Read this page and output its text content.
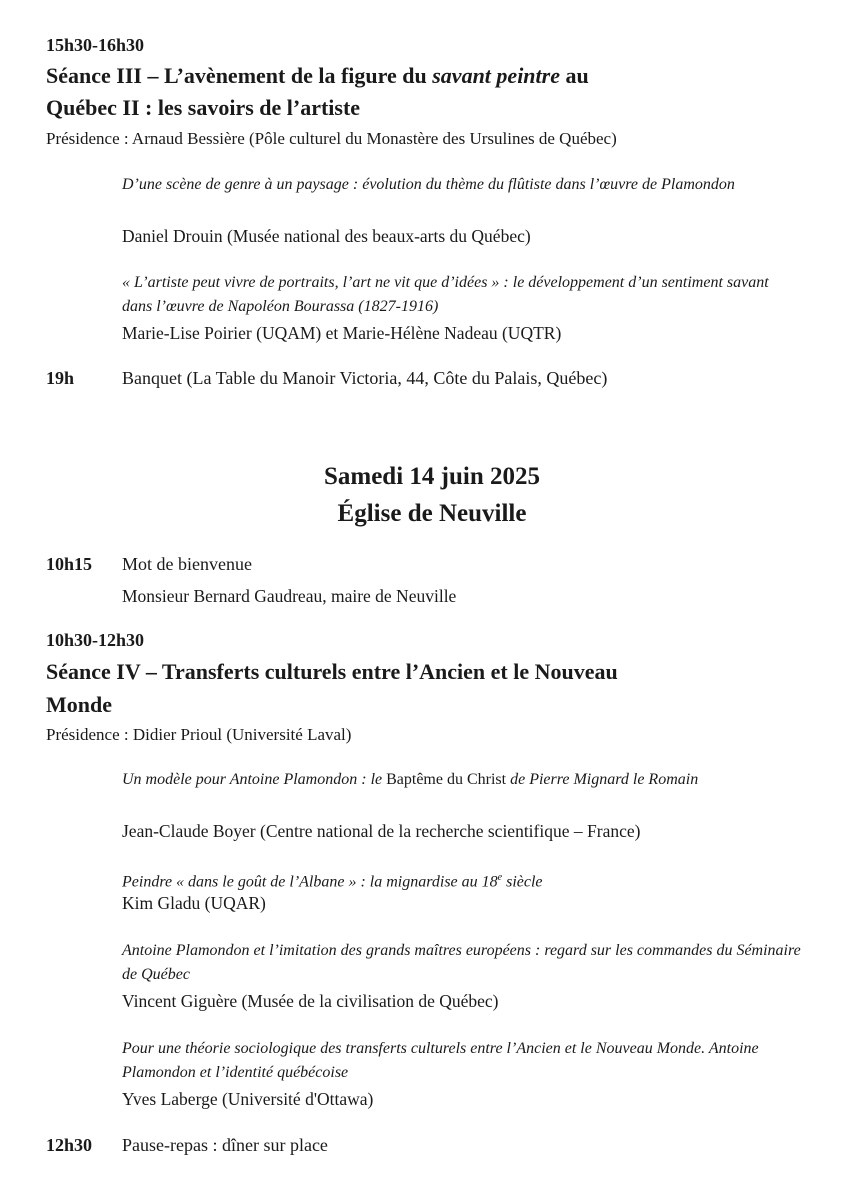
15h30-16h30
Séance III – L’avènement de la figure du savant peintre au
Québec II : les savoirs de l’artiste
Présidence : Arnaud Bessière (Pôle culturel du Monastère des Ursulines de Québec)
D’une scène de genre à un paysage : évolution du thème du flûtiste dans l’œuvre de Plamondon
Daniel Drouin (Musée national des beaux-arts du Québec)
« L’artiste peut vivre de portraits, l’art ne vit que d’idées » : le développement d’un sentiment savant dans l’œuvre de Napoléon Bourassa (1827-1916)
Marie-Lise Poirier (UQAM) et Marie-Hélène Nadeau (UQTR)
19h	Banquet (La Table du Manoir Victoria, 44, Côte du Palais, Québec)
Samedi 14 juin 2025
Église de Neuville
10h15 Mot de bienvenue
Monsieur Bernard Gaudreau, maire de Neuville
10h30-12h30
Séance IV – Transferts culturels entre l’Ancien et le Nouveau
Monde
Présidence : Didier Prioul (Université Laval)
Un modèle pour Antoine Plamondon : le Baptême du Christ de Pierre Mignard le Romain
Jean-Claude Boyer (Centre national de la recherche scientifique – France)
Peindre « dans le goût de l’Albane » : la mignardise au 18e siècle
Kim Gladu (UQAR)
Antoine Plamondon et l’imitation des grands maîtres européens : regard sur les commandes du Séminaire de Québec
Vincent Giguère (Musée de la civilisation de Québec)
Pour une théorie sociologique des transferts culturels entre l’Ancien et le Nouveau Monde. Antoine Plamondon et l’identité québécoise
Yves Laberge (Université d'Ottawa)
12h30 Pause-repas : dîner sur place
